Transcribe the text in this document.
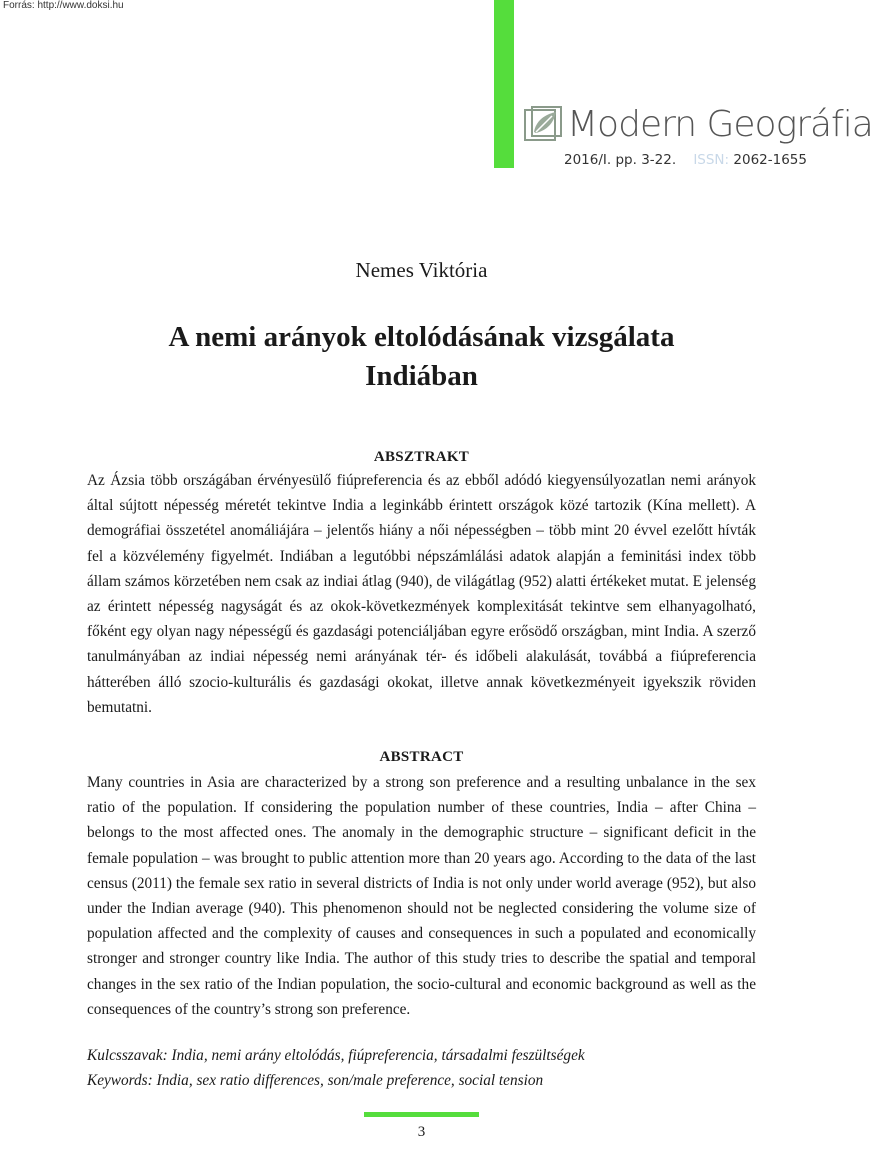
Forrás: http://www.doksi.hu
Modern Geográfia
2016/I. pp. 3-22. ISSN: 2062-1655
Nemes Viktória
A nemi arányok eltolódásának vizsgálata
Indiában
ABSZTRAKT

Az Ázsia több országában érvényesülő fiúpreferencia és az ebből adódó kiegyensúlyozatlan nemi arányok által sújtott népesség méretét tekintve India a leginkább érintett országok közé tartozik (Kína mellett). A demográfiai összetétel anomáliájára – jelentős hiány a női népességben – több mint 20 évvel ezelőtt hívták fel a közvélemény figyelmét. Indiában a legutóbbi népszámlálási adatok alapján a feminitási index több állam számos körzetében nem csak az indiai átlag (940), de világátlag (952) alatti értékeket mutat. E jelenség az érintett népesség nagyságát és az okok-következmények komplexitását tekintve sem elhanyagolható, főként egy olyan nagy népességű és gazdasági potenciáljában egyre erősödő országban, mint India. A szerző tanulmányában az indiai népesség nemi arányának tér- és időbeli alakulását, továbbá a fiúpreferencia hátterében álló szocio-kulturális és gazdasági okokat, illetve annak következményeit igyekszik röviden bemutatni.

ABSTRACT

Many countries in Asia are characterized by a strong son preference and a resulting unbalance in the sex ratio of the population. If considering the population number of these countries, India – after China – belongs to the most affected ones. The anomaly in the demographic structure – significant deficit in the female population – was brought to public attention more than 20 years ago. According to the data of the last census (2011) the female sex ratio in several districts of India is not only under world average (952), but also under the Indian average (940). This phenomenon should not be neglected considering the volume size of population affected and the complexity of causes and consequences in such a populated and economically stronger and stronger country like India. The author of this study tries to describe the spatial and temporal changes in the sex ratio of the Indian population, the socio-cultural and economic background as well as the consequences of the country’s strong son preference.

Kulcsszavak: India, nemi arány eltolódás, fiúpreferencia, társadalmi feszültségek
Keywords: India, sex ratio differences, son/male preference, social tension
3
